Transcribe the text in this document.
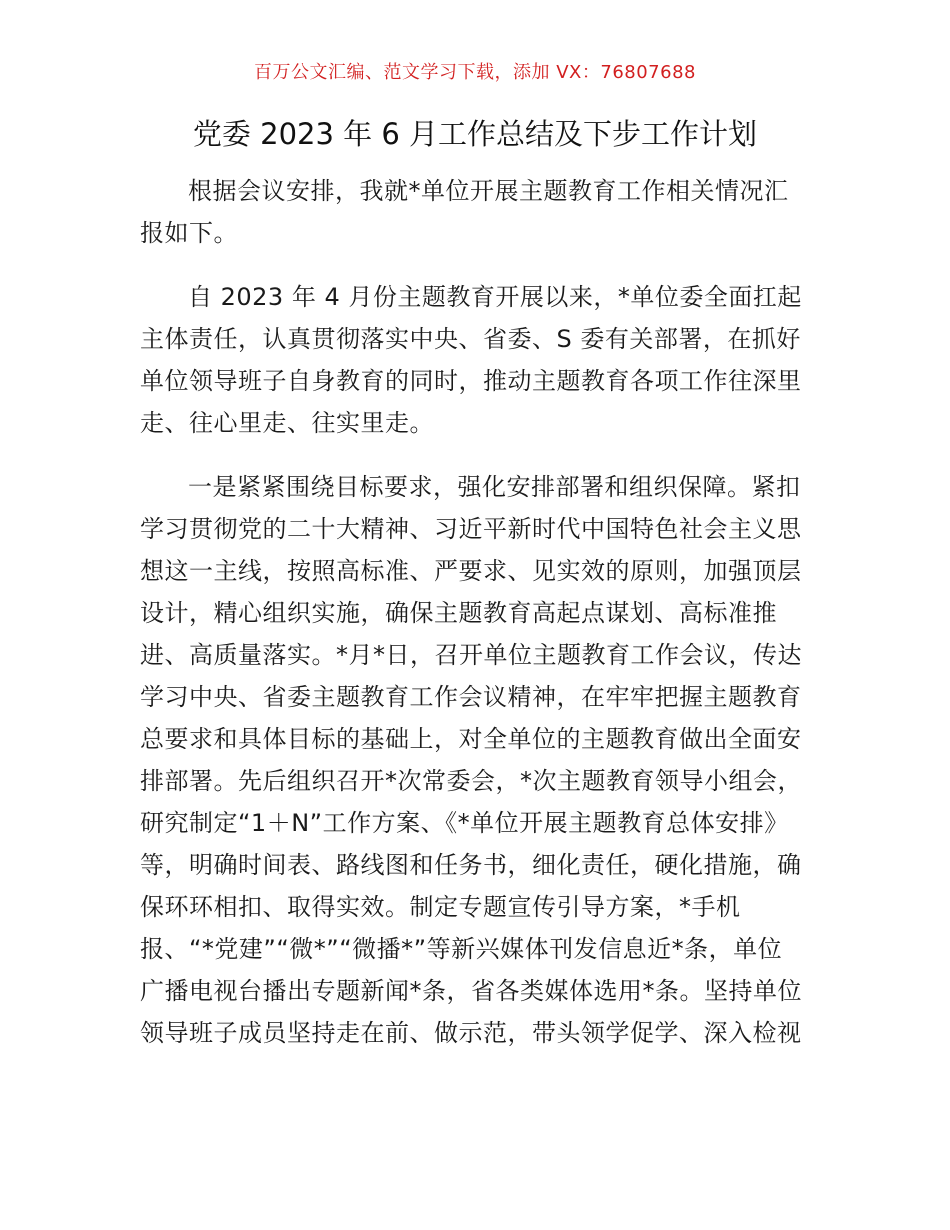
百万公文汇编、范文学习下载，添加 VX：76807688
党委 2023 年 6 月工作总结及下步工作计划

根据会议安排，我就*单位开展主题教育工作相关情况汇
报如下。

自 2023 年 4 月份主题教育开展以来，*单位委全面扛起
主体责任，认真贯彻落实中央、省委、S 委有关部署，在抓好
单位领导班子自身教育的同时，推动主题教育各项工作往深里
走、往心里走、往实里走。

一是紧紧围绕目标要求，强化安排部署和组织保障。紧扣
学习贯彻党的二十大精神、习近平新时代中国特色社会主义思
想这一主线，按照高标准、严要求、见实效的原则，加强顶层
设计，精心组织实施，确保主题教育高起点谋划、高标准推
进、高质量落实。*月*日，召开单位主题教育工作会议，传达
学习中央、省委主题教育工作会议精神，在牢牢把握主题教育
总要求和具体目标的基础上，对全单位的主题教育做出全面安
排部署。先后组织召开*次常委会，*次主题教育领导小组会，
研究制定“1＋N”工作方案、《*单位开展主题教育总体安排》
等，明确时间表、路线图和任务书，细化责任，硬化措施，确
保环环相扣、取得实效。制定专题宣传引导方案，*手机
报、“*党建”“微*”“微播*”等新兴媒体刊发信息近*条，单位
广播电视台播出专题新闻*条，省各类媒体选用*条。坚持单位
领导班子成员坚持走在前、做示范，带头领学促学、深入检视
